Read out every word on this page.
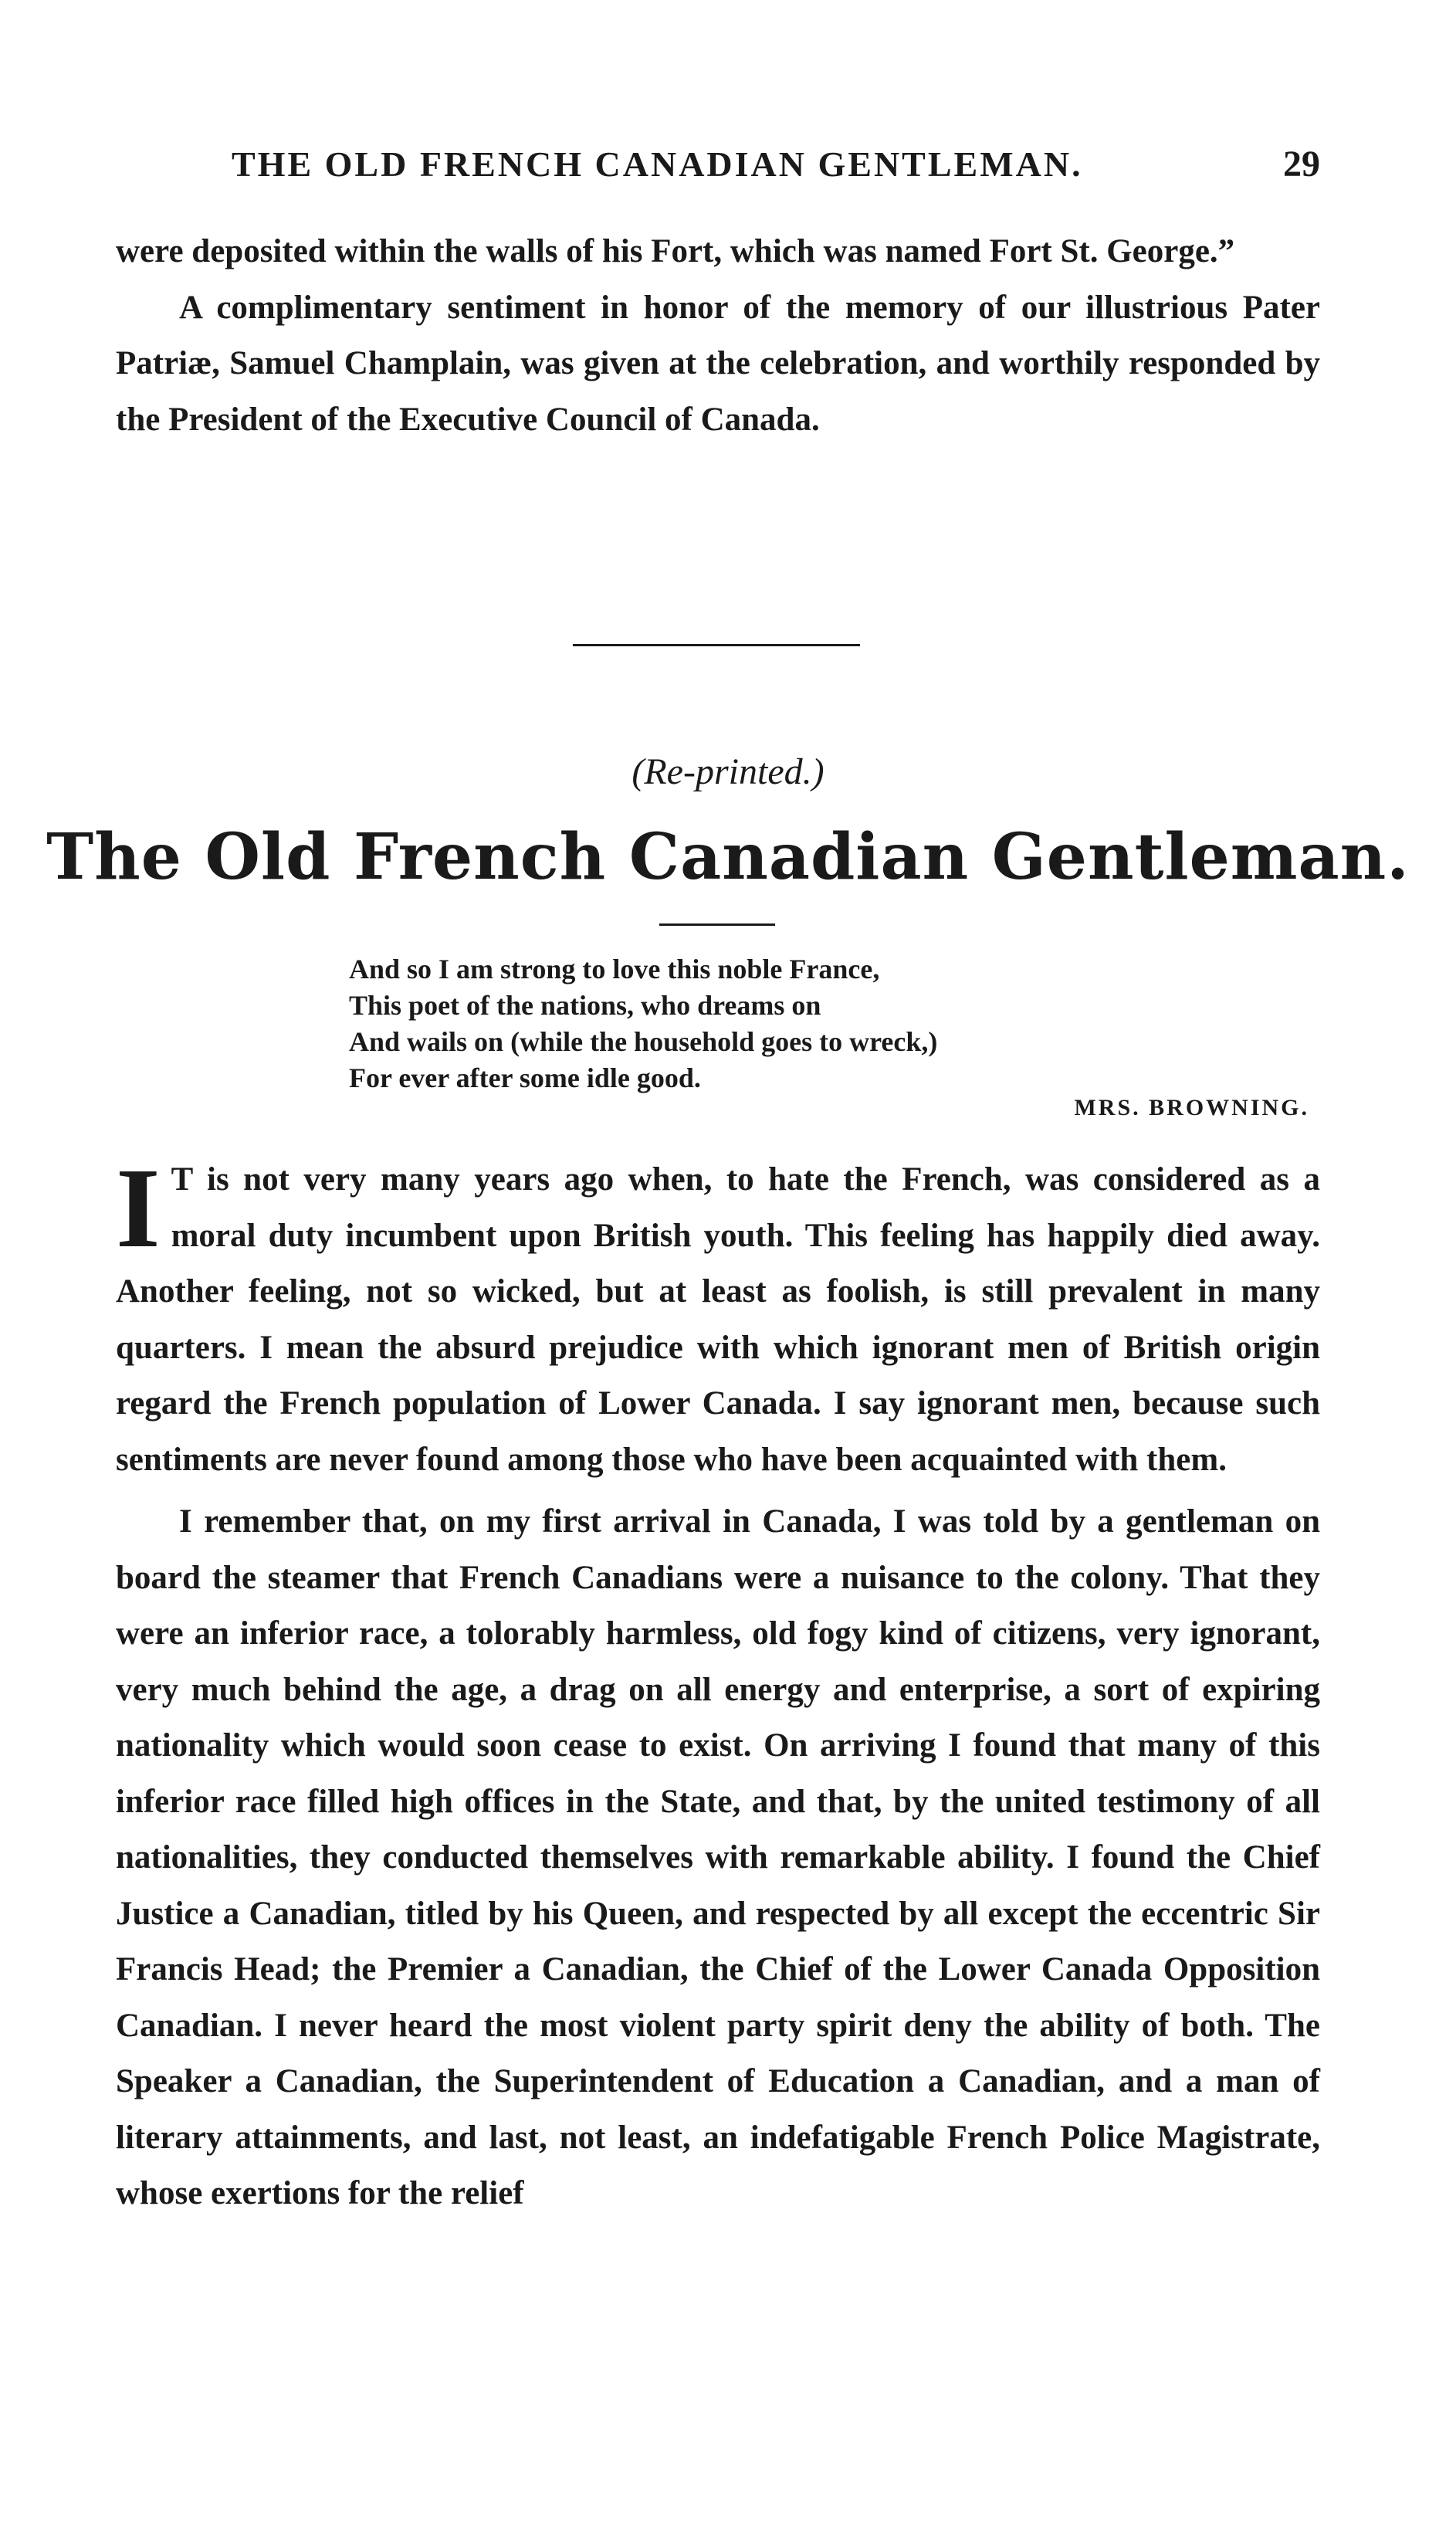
THE OLD FRENCH CANADIAN GENTLEMAN.	29

were deposited within the walls of his Fort, which was named Fort St. George.”

A complimentary sentiment in honor of the memory of our illustrious Pater Patriæ, Samuel Champlain, was given at the celebration, and worthily responded by the President of the Executive Council of Canada.

(Re-printed.)
The Old French Canadian Gentleman.
And so I am strong to love this noble France,
This poet of the nations, who dreams on
And wails on (while the household goes to wreck,)
For ever after some idle good.
MRS. BROWNING.

I T is not very many years ago when, to hate the French, was considered as a moral duty incumbent upon British youth. This feeling has happily died away. Another feeling, not so wicked, but at least as foolish, is still prevalent in many quarters. I mean the absurd prejudice with which ignorant men of British origin regard the French population of Lower Canada. I say ignorant men, because such sentiments are never found among those who have been acquainted with them.

I remember that, on my first arrival in Canada, I was told by a gentleman on board the steamer that French Canadians were a nuisance to the colony. That they were an inferior race, a tolorably harmless, old fogy kind of citizens, very ignorant, very much behind the age, a drag on all energy and enterprise, a sort of expiring nationality which would soon cease to exist. On arriving I found that many of this inferior race filled high offices in the State, and that, by the united testimony of all nationalities, they conducted themselves with remarkable ability. I found the Chief Justice a Canadian, titled by his Queen, and respected by all except the eccentric Sir Francis Head; the Premier a Canadian, the Chief of the Lower Canada Opposition Canadian. I never heard the most violent party spirit deny the ability of both. The Speaker a Canadian, the Superintendent of Education a Canadian, and a man of literary attainments, and last, not least, an indefatigable French Police Magistrate, whose exertions for the relief
